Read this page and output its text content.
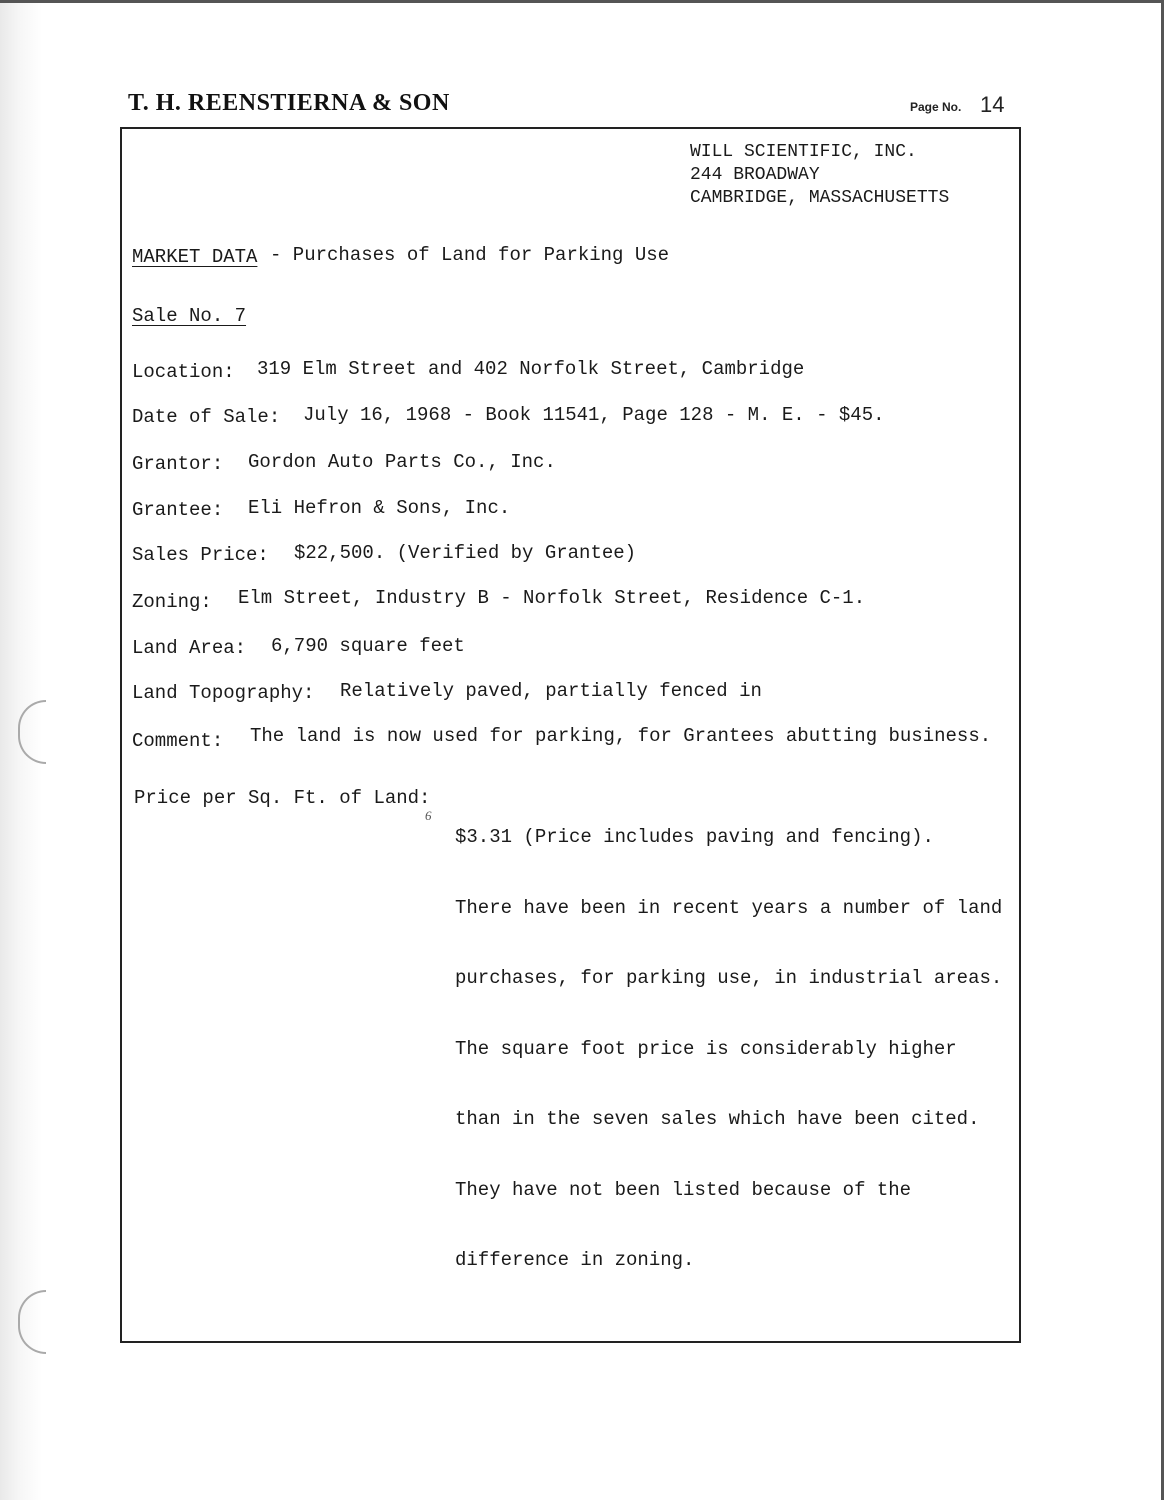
T. H. REENSTIERNA & SON	Page No. 14
WILL SCIENTIFIC, INC.
244 BROADWAY
CAMBRIDGE, MASSACHUSETTS
MARKET DATA - Purchases of Land for Parking Use
Sale No. 7
Location: 319 Elm Street and 402 Norfolk Street, Cambridge
Date of Sale: July 16, 1968 - Book 11541, Page 128 - M. E. - $45.
Grantor: Gordon Auto Parts Co., Inc.
Grantee: Eli Hefron & Sons, Inc.
Sales Price: $22,500. (Verified by Grantee)
Zoning: Elm Street, Industry B - Norfolk Street, Residence C-1.
Land Area: 6,790 square feet
Land Topography: Relatively paved, partially fenced in
Comment: The land is now used for parking, for Grantees abutting business.
Price per Sq. Ft. of Land:
6

$3.31 (Price includes paving and fencing).

There have been in recent years a number of land

purchases, for parking use, in industrial areas.

The square foot price is considerably higher

than in the seven sales which have been cited.

They have not been listed because of the

difference in zoning.
